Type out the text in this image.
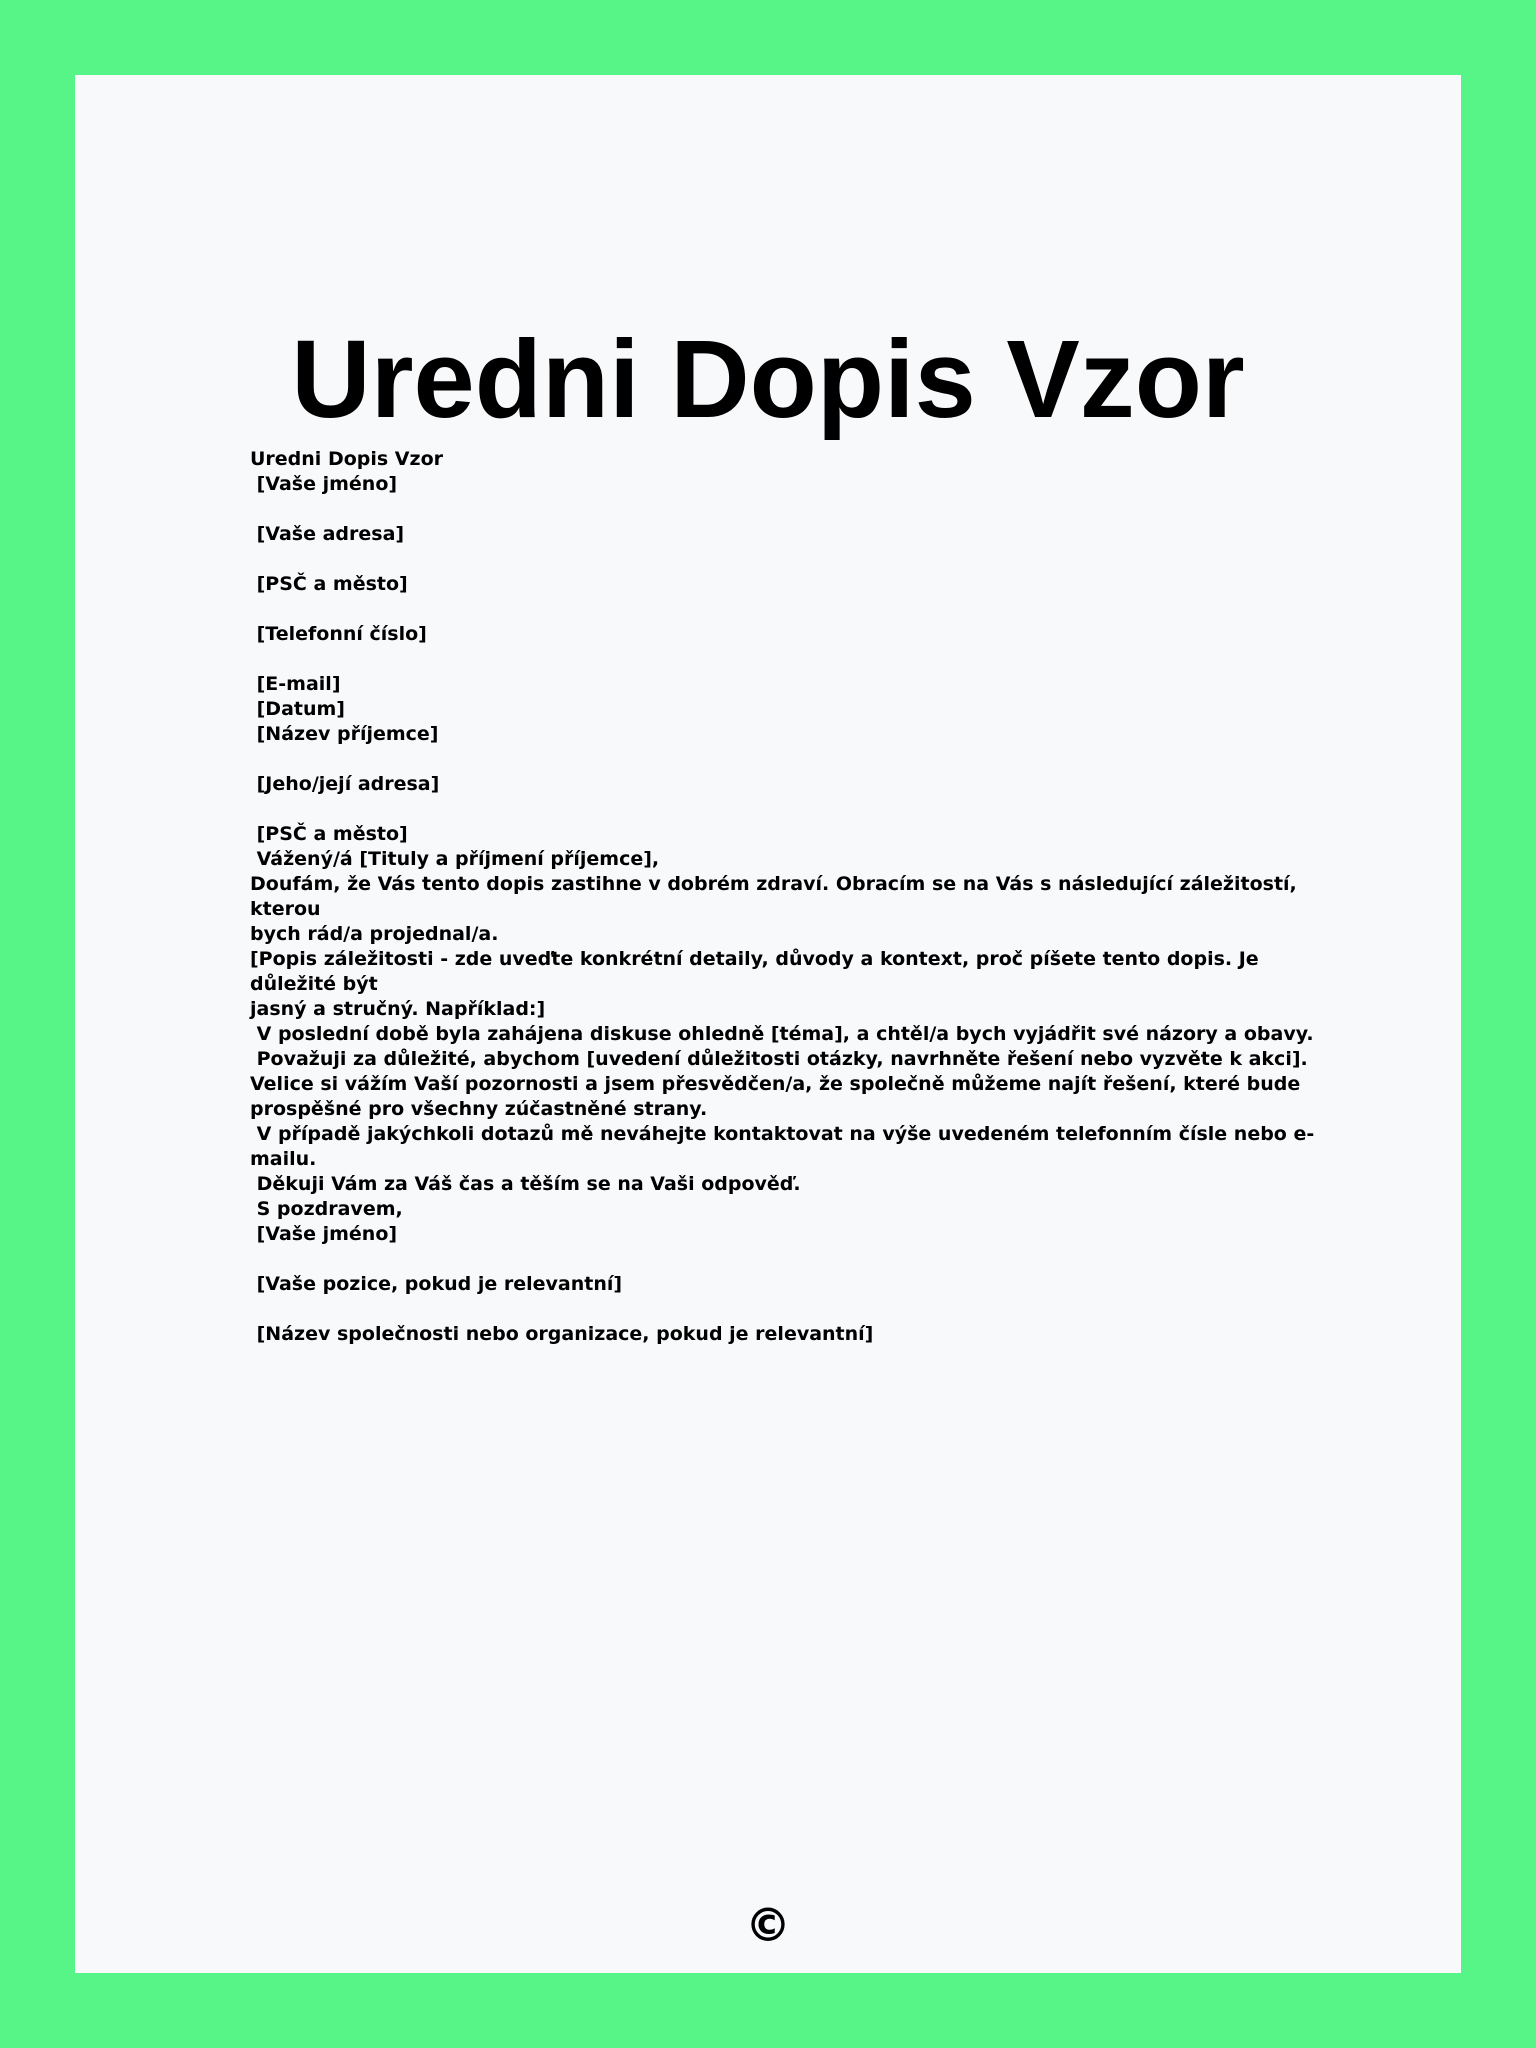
Uredni Dopis Vzor
Uredni Dopis Vzor
[Vaše jméno]

[Vaše adresa]

[PSČ a město]

[Telefonní číslo]

[E-mail]
[Datum]
[Název příjemce]

[Jeho/její adresa]

[PSČ a město]
Vážený/á [Tituly a příjmení příjemce],
Doufám, že Vás tento dopis zastihne v dobrém zdraví. Obracím se na Vás s následující záležitostí, kterou
bych rád/a projednal/a.
[Popis záležitosti - zde uveďte konkrétní detaily, důvody a kontext, proč píšete tento dopis. Je důležité být
jasný a stručný. Například:]
V poslední době byla zahájena diskuse ohledně [téma], a chtěl/a bych vyjádřit své názory a obavy.
Považuji za důležité, abychom [uvedení důležitosti otázky, navrhněte řešení nebo vyzvěte k akci].
Velice si vážím Vaší pozornosti a jsem přesvědčen/a, že společně můžeme najít řešení, které bude
prospěšné pro všechny zúčastněné strany.
V případě jakýchkoli dotazů mě neváhejte kontaktovat na výše uvedeném telefonním čísle nebo e-mailu.
Děkuji Vám za Váš čas a těším se na Vaši odpověď.
S pozdravem,
[Vaše jméno]

[Vaše pozice, pokud je relevantní]

[Název společnosti nebo organizace, pokud je relevantní]
©
